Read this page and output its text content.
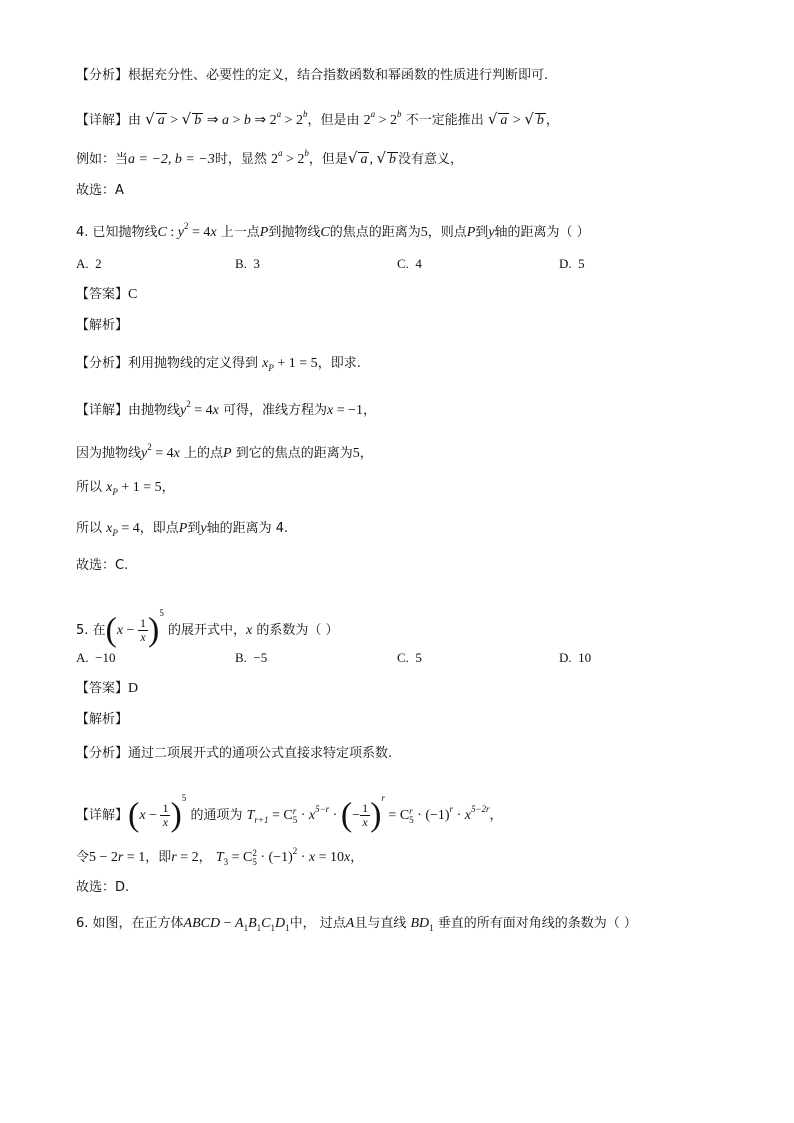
【分析】根据充分性、必要性的定义，结合指数函数和幂函数的性质进行判断即可.
【详解】由 √ a > √ b ⇒ a > b ⇒ $2^a > 2^b$，但是由 $2^a > 2^b$ 不一定能推出 √ a > √ b ，
例如：当a = −2, b = −3时，显然 $2^a > 2^b$，但是√ a , √ b 没有意义，
故选：A
4. 已知抛物线C : $y^2 = 4x$ 上一点P到抛物线C的焦点的距离为5，则点P到y轴的距离为（ ）
A. 2	B. 3	C. 4	D. 5
【答案】C
【解析】
【分析】利用抛物线的定义得到 $x_P + 1 = 5$，即求.
【详解】由抛物线$y^2 = 4x$ 可得，准线方程为x = −1，
因为抛物线$y^2 = 4x$ 上的点P 到它的焦点的距离为5，
所以 $x_P + 1 = 5$，
所以 $x_P = 4$，即点P到y轴的距离为 4.
故选：C.
5. 在$(x - \frac{1}{x} )^5$ 的展开式中，x 的系数为（ ）
A. −10	B. −5	C. 5	D. 10
【答案】D
【解析】
【分析】通过二项展开式的通项公式直接求特定项系数.
【详解】$(x - \frac{1}{x} )^5$ 的通项为 $T_{r+1} = Cr$
$5 \cdot x^{5-r}$ · (− $\frac{1}{x} )^r = Cr$
$5 \cdot (-1)^r \cdot x^{5-2r}$，
令5 − 2r = 1，即r = 2， $T_3 = C2$
$5 \cdot (-1)^2 \cdot x = 10x$，
故选：D.
6. 如图，在正方体ABCD − $A_1B_1C_1D_1$中， 过点A且与直线 $BD_1$ 垂直的所有面对角线的条数为（ ）
